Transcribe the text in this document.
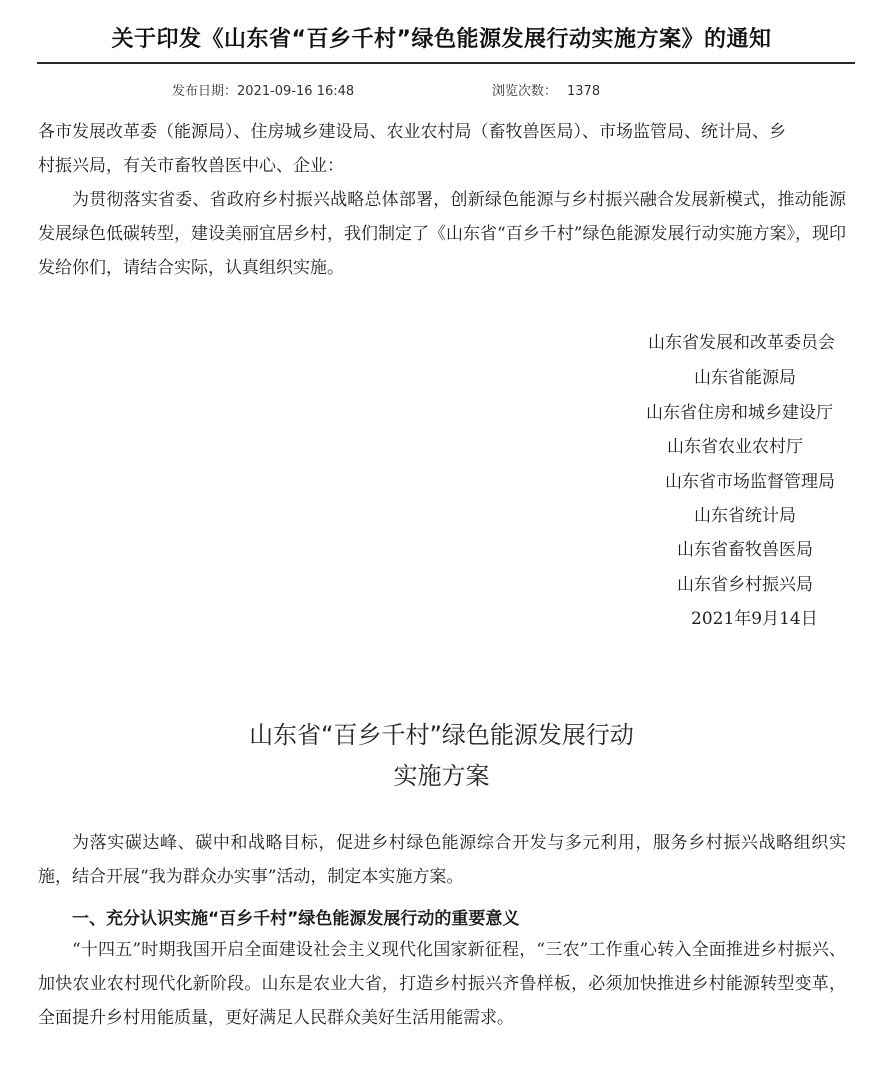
关于印发《山东省“百乡千村”绿色能源发展行动实施方案》的通知
发布日期：2021-09-16 16:48	浏览次数： 1378
各市发展改革委（能源局）、住房城乡建设局、农业农村局（畜牧兽医局）、市场监管局、统计局、乡
村振兴局，有关市畜牧兽医中心、企业：
为贯彻落实省委、省政府乡村振兴战略总体部署，创新绿色能源与乡村振兴融合发展新模式，推动能源发展绿色低碳转型，建设美丽宜居乡村，我们制定了《山东省“百乡千村”绿色能源发展行动实施方案》，现印发给你们，请结合实际，认真组织实施。
山东省发展和改革委员会
山东省能源局
山东省住房和城乡建设厅
山东省农业农村厅
山东省市场监督管理局
山东省统计局
山东省畜牧兽医局
山东省乡村振兴局
2021年9月14日
山东省“百乡千村”绿色能源发展行动
实施方案
为落实碳达峰、碳中和战略目标，促进乡村绿色能源综合开发与多元利用，服务乡村振兴战略组织实施，结合开展“我为群众办实事”活动，制定本实施方案。
一、充分认识实施“百乡千村”绿色能源发展行动的重要意义
“十四五”时期我国开启全面建设社会主义现代化国家新征程，“三农”工作重心转入全面推进乡村振兴、加快农业农村现代化新阶段。山东是农业大省，打造乡村振兴齐鲁样板，必须加快推进乡村能源转型变革，全面提升乡村用能质量，更好满足人民群众美好生活用能需求。
